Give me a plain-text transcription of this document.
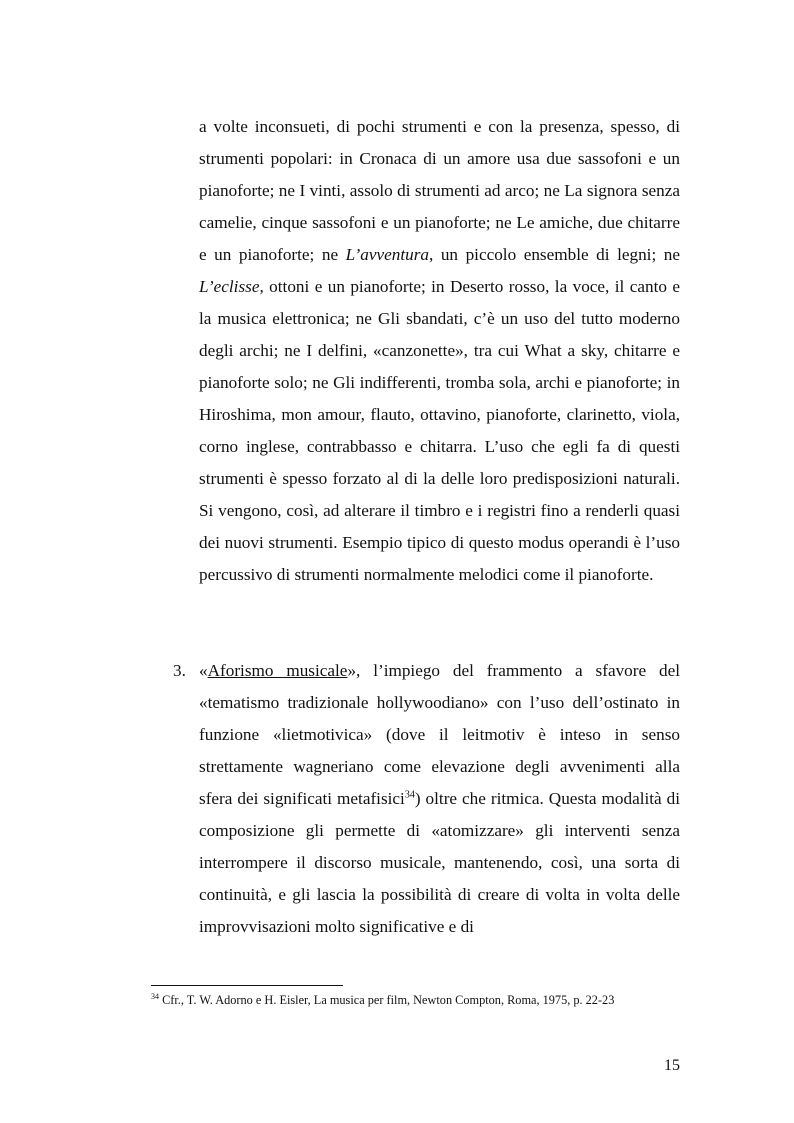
a volte inconsueti, di pochi strumenti e con la presenza, spesso, di strumenti popolari: in Cronaca di un amore usa due sassofoni e un pianoforte; ne I vinti, assolo di strumenti ad arco; ne La signora senza camelie, cinque sassofoni e un pianoforte; ne Le amiche, due chitarre e un pianoforte; ne L’avventura, un piccolo ensemble di legni; ne L’eclisse, ottoni e un pianoforte; in Deserto rosso, la voce, il canto e la musica elettronica; ne Gli sbandati, c’è un uso del tutto moderno degli archi; ne I delfini, «canzonette», tra cui What a sky, chitarre e pianoforte solo; ne Gli indifferenti, tromba sola, archi e pianoforte; in Hiroshima, mon amour, flauto, ottavino, pianoforte, clarinetto, viola, corno inglese, contrabbasso e chitarra. L’uso che egli fa di questi strumenti è spesso forzato al di la delle loro predisposizioni naturali. Si vengono, così, ad alterare il timbro e i registri fino a renderli quasi dei nuovi strumenti. Esempio tipico di questo modus operandi è l’uso percussivo di strumenti normalmente melodici come il pianoforte.

3. «Aforismo musicale», l’impiego del frammento a sfavore del «tematismo tradizionale hollywoodiano» con l’uso dell’ostinato in funzione «lietmotivica» (dove il leitmotiv è inteso in senso strettamente wagneriano come elevazione degli avvenimenti alla sfera dei significati metafisici$^{34}$) oltre che ritmica. Questa modalità di composizione gli permette di «atomizzare» gli interventi senza interrompere il discorso musicale, mantenendo, così, una sorta di continuità, e gli lascia la possibilità di creare di volta in volta delle improvvisazioni molto significative e di

$^{34}$ Cfr., T. W. Adorno e H. Eisler, La musica per film, Newton Compton, Roma, 1975, p. 22-23

15
